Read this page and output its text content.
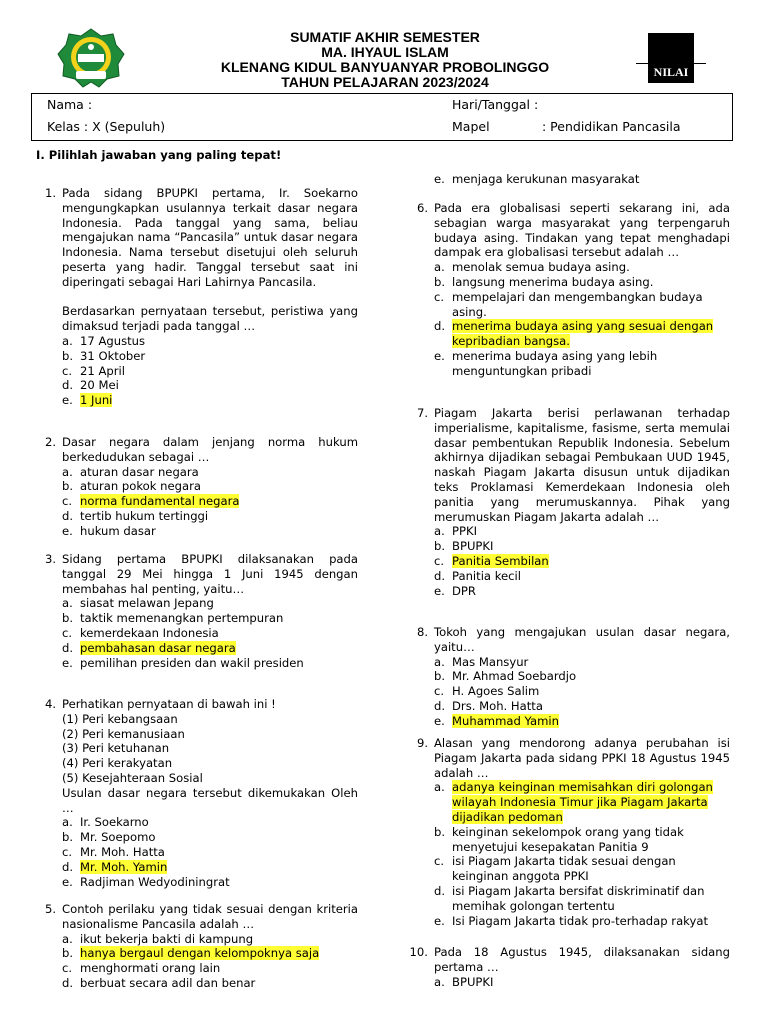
SUMATIF AKHIR SEMESTER
MA. IHYAUL ISLAM
KLENANG KIDUL BANYUANYAR PROBOLINGGO
TAHUN PELAJARAN 2023/2024
NILAI
Nama :
Kelas : X (Sepuluh)
Hari/Tanggal :
Mapel	: Pendidikan Pancasila
I. Pilihlah jawaban yang paling tepat!
1. Pada sidang BPUPKI pertama, Ir. Soekarno mengungkapkan usulannya terkait dasar negara Indonesia. Pada tanggal yang sama, beliau mengajukan nama “Pancasila” untuk dasar negara Indonesia. Nama tersebut disetujui oleh seluruh peserta yang hadir. Tanggal tersebut saat ini diperingati sebagai Hari Lahirnya Pancasila.

Berdasarkan pernyataan tersebut, peristiwa yang dimaksud terjadi pada tanggal …

a. 17 Agustus
b. 31 Oktober
c. 21 April
d. 20 Mei
e. 1 Juni
2. Dasar negara dalam jenjang norma hukum berkedudukan sebagai …

a. aturan dasar negara
b. aturan pokok negara
c. norma fundamental negara
d. tertib hukum tertinggi
e. hukum dasar
3. Sidang pertama BPUPKI dilaksanakan pada tanggal 29 Mei hingga 1 Juni 1945 dengan membahas hal penting, yaitu…

a. siasat melawan Jepang
b. taktik memenangkan pertempuran
c. kemerdekaan Indonesia
d. pembahasan dasar negara
e. pemilihan presiden dan wakil presiden
4. Perhatikan pernyataan di bawah ini !

(1) Peri kebangsaan
(2) Peri kemanusiaan
(3) Peri ketuhanan
(4) Peri kerakyatan
(5) Kesejahteraan Sosial

Usulan dasar negara tersebut dikemukakan Oleh …

a. Ir. Soekarno
b. Mr. Soepomo
c. Mr. Moh. Hatta
d. Mr. Moh. Yamin
e. Radjiman Wedyodiningrat
5. Contoh perilaku yang tidak sesuai dengan kriteria nasionalisme Pancasila adalah …

a. ikut bekerja bakti di kampung
b. hanya bergaul dengan kelompoknya saja
c. menghormati orang lain
d. berbuat secara adil dan benar
e. menjaga kerukunan masyarakat
6. Pada era globalisasi seperti sekarang ini, ada sebagian warga masyarakat yang terpengaruh budaya asing. Tindakan yang tepat menghadapi dampak era globalisasi tersebut adalah …

a. menolak semua budaya asing.
b. langsung menerima budaya asing.
c. mempelajari dan mengembangkan budaya asing.
d. menerima budaya asing yang sesuai dengan kepribadian bangsa.
e. menerima budaya asing yang lebih menguntungkan pribadi
7. Piagam Jakarta berisi perlawanan terhadap imperialisme, kapitalisme, fasisme, serta memulai dasar pembentukan Republik Indonesia. Sebelum akhirnya dijadikan sebagai Pembukaan UUD 1945, naskah Piagam Jakarta disusun untuk dijadikan teks Proklamasi Kemerdekaan Indonesia oleh panitia yang merumuskannya. Pihak yang merumuskan Piagam Jakarta adalah …

a. PPKI
b. BPUPKI
c. Panitia Sembilan
d. Panitia kecil
e. DPR
8. Tokoh yang mengajukan usulan dasar negara, yaitu…

a. Mas Mansyur
b. Mr. Ahmad Soebardjo
c. H. Agoes Salim
d. Drs. Moh. Hatta
e. Muhammad Yamin
9. Alasan yang mendorong adanya perubahan isi Piagam Jakarta pada sidang PPKI 18 Agustus 1945 adalah …

a. adanya keinginan memisahkan diri golongan wilayah Indonesia Timur jika Piagam Jakarta dijadikan pedoman
b. keinginan sekelompok orang yang tidak menyetujui kesepakatan Panitia 9
c. isi Piagam Jakarta tidak sesuai dengan keinginan anggota PPKI
d. isi Piagam Jakarta bersifat diskriminatif dan memihak golongan tertentu
e. Isi Piagam Jakarta tidak pro-terhadap rakyat
10. Pada 18 Agustus 1945, dilaksanakan sidang pertama …

a. BPUPKI
